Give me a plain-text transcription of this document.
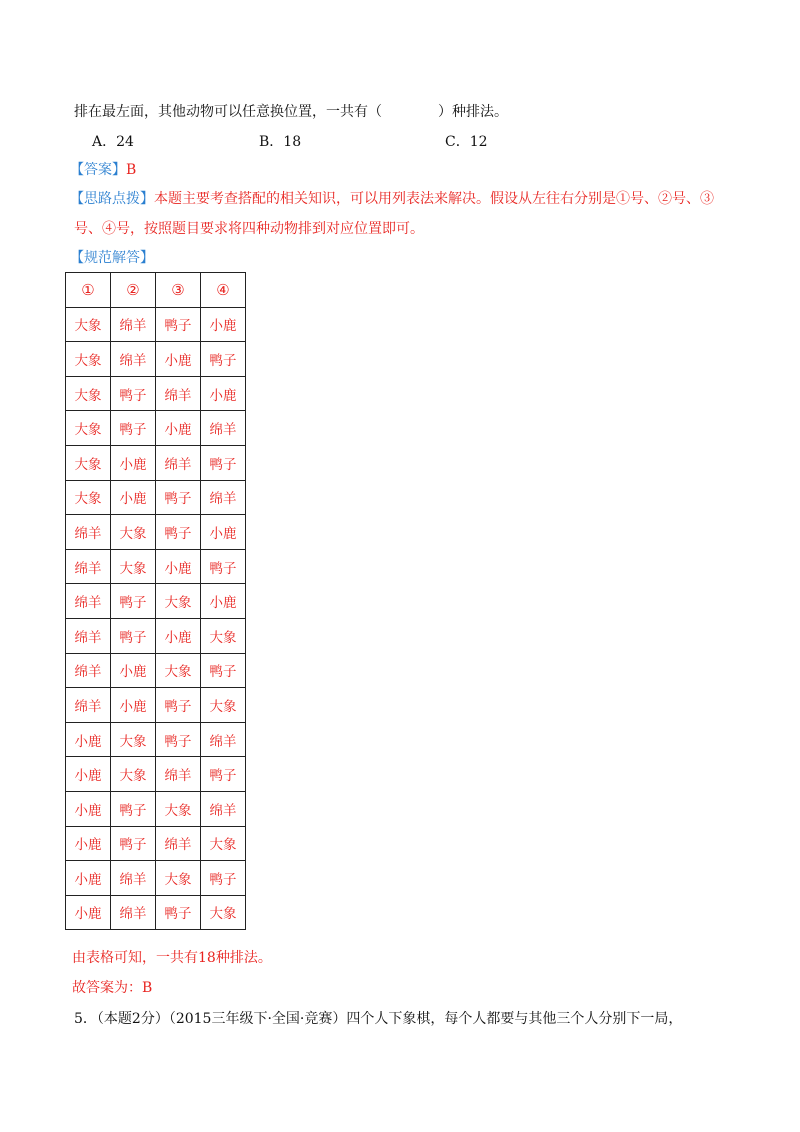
排在最左面，其他动物可以任意换位置，一共有（　　　　）种排法。
A．24	B．18	C．12
【答案】B
【思路点拨】本题主要考查搭配的相关知识，可以用列表法来解决。假设从左往右分别是①号、②号、③
号、④号，按照题目要求将四种动物排到对应位置即可。
【规范解答】
①	②	③	④
大象	绵羊	鸭子	小鹿
大象	绵羊	小鹿	鸭子
大象	鸭子	绵羊	小鹿
大象	鸭子	小鹿	绵羊
大象	小鹿	绵羊	鸭子
大象	小鹿	鸭子	绵羊
绵羊	大象	鸭子	小鹿
绵羊	大象	小鹿	鸭子
绵羊	鸭子	大象	小鹿
绵羊	鸭子	小鹿	大象
绵羊	小鹿	大象	鸭子
绵羊	小鹿	鸭子	大象
小鹿	大象	鸭子	绵羊
小鹿	大象	绵羊	鸭子
小鹿	鸭子	大象	绵羊
小鹿	鸭子	绵羊	大象
小鹿	绵羊	大象	鸭子
小鹿	绵羊	鸭子	大象
由表格可知，一共有18种排法。
故答案为：B
5．（本题2分）（2015三年级下·全国·竞赛）四个人下象棋，每个人都要与其他三个人分别下一局，
